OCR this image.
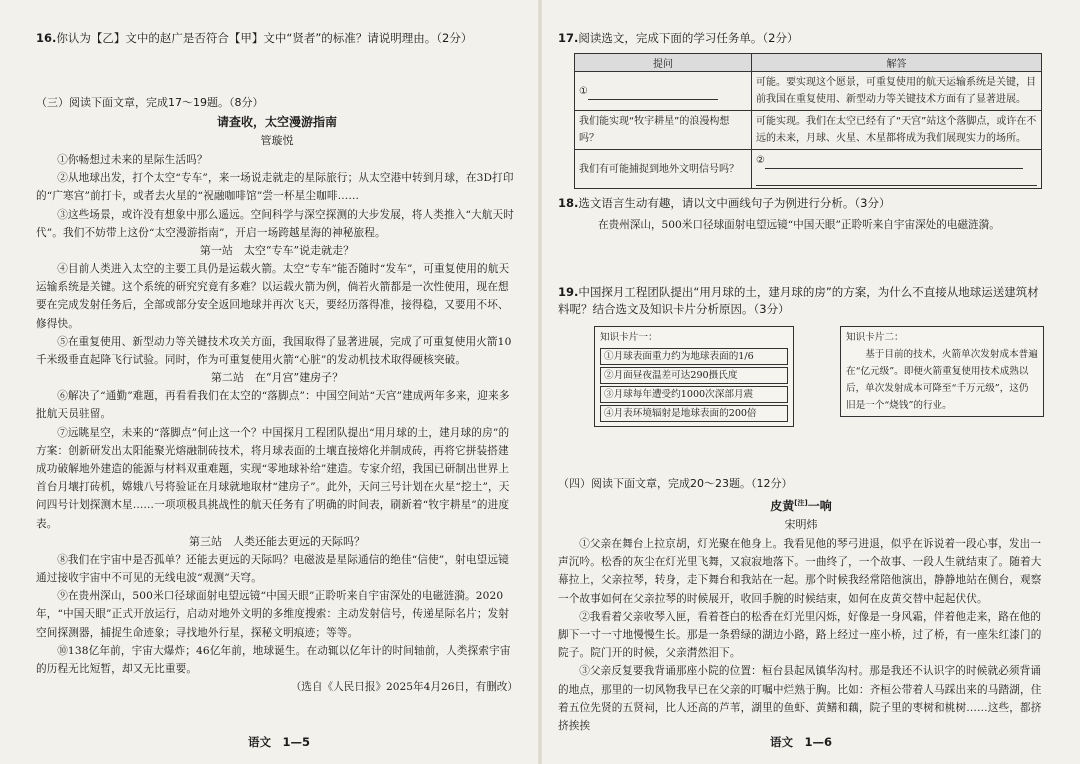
16.你认为【乙】文中的赵广是否符合【甲】文中“贤者”的标准？请说明理由。（2分）

（三）阅读下面文章，完成17～19题。（8分）

请查收，太空漫游指南

管璇悦

①你畅想过未来的星际生活吗？

②从地球出发，打个太空“专车”，来一场说走就走的星际旅行；从太空港中转到月球，在3D打印的“广寒宫”前打卡，或者去火星的“祝融咖啡馆”尝一杯星尘咖啡……

③这些场景，或许没有想象中那么遥远。空间科学与深空探测的大步发展，将人类推入“大航天时代”。我们不妨带上这份“太空漫游指南”，开启一场跨越星海的神秘旅程。

第一站　太空“专车”说走就走？

④目前人类进入太空的主要工具仍是运载火箭。太空“专车”能否随时“发车”，可重复使用的航天运输系统是关键。这个系统的研究究竟有多难？以运载火箭为例，倘若火箭都是一次性使用，现在想要在完成发射任务后，全部或部分安全返回地球并再次飞天，要经历落得准，接得稳，又要用不坏、修得快。

⑤在重复使用、新型动力等关键技术攻关方面，我国取得了显著进展，完成了可重复使用火箭10千米级垂直起降飞行试验。同时，作为可重复使用火箭“心脏”的发动机技术取得硬核突破。

第二站　在“月宫”建房子？

⑥解决了“通勤”难题，再看看我们在太空的“落脚点”：中国空间站“天宫”建成两年多来，迎来多批航天员驻留。

⑦远眺星空，未来的“落脚点”何止这一个？中国探月工程团队提出“用月球的土，建月球的房”的方案：创新研发出太阳能聚光熔融制砖技术，将月球表面的土壤直接熔化并制成砖，再将它拼装搭建成功破解地外建造的能源与材料双重难题，实现“零地球补给”建造。专家介绍，我国已研制出世界上首台月壤打砖机，嫦娥八号将验证在月球就地取材“建房子”。此外，天问三号计划在火星“挖土”，天问四号计划探测木星……一项项极具挑战性的航天任务有了明确的时间表，刷新着“牧宇耕星”的进度表。

第三站　人类还能去更远的天际吗？

⑧我们在宇宙中是否孤单？还能去更远的天际吗？电磁波是星际通信的绝佳“信使”，射电望远镜通过接收宇宙中不可见的无线电波“观测”天穹。

⑨在贵州深山，500米口径球面射电望远镜“中国天眼”正聆听来自宇宙深处的电磁涟漪。2020年，“中国天眼”正式开放运行，启动对地外文明的多维度搜索：主动发射信号，传递星际名片；发射空间探测器，捕捉生命迹象；寻找地外行星，探秘文明痕迹；等等。

⑩138亿年前，宇宙大爆炸；46亿年前，地球诞生。在动辄以亿年计的时间轴前，人类探索宇宙的历程无比短暂，却又无比重要。

（选自《人民日报》2025年4月26日，有删改）

语文　1—5

17.阅读选文，完成下面的学习任务单。（2分）

提问	解答
①	可能。要实现这个愿景，可重复使用的航天运输系统是关键，目前我国在重复使用、新型动力等关键技术方面有了显著进展。
我们能实现“牧宇耕星”的浪漫构想吗？	可能实现。我们在太空已经有了“天宫”站这个落脚点，或许在不远的未来，月球、火星、木星都将成为我们展现实力的场所。
我们有可能捕捉到地外文明信号吗？	②

18.选文语言生动有趣，请以文中画线句子为例进行分析。（3分）

在贵州深山，500米口径球面射电望远镜“中国天眼”正聆听来自宇宙深处的电磁涟漪。

19.中国探月工程团队提出“用月球的土，建月球的房”的方案，为什么不直接从地球运送建筑材料呢？结合选文及知识卡片分析原因。（3分）

知识卡片一：

①月球表面重力约为地球表面的1/6
②月面昼夜温差可达290摄氏度
③月球每年遭受约1000次深部月震
④月表环境辐射是地球表面的200倍

知识卡片二：

基于目前的技术，火箭单次发射成本普遍在“亿元级”。即便火箭重复使用技术成熟以后，单次发射成本可降至“千万元级”，这仍旧是一个“烧钱”的行业。

（四）阅读下面文章，完成20～23题。（12分）

皮黄[注]一响

宋明炜

①父亲在舞台上拉京胡，灯光聚在他身上。我看见他的琴弓进退，似乎在诉说着一段心事，发出一声沉吟。松香的灰尘在灯光里飞舞，又寂寂地落下。一曲终了，一个故事、一段人生就结束了。随着大幕拉上，父亲拉琴，转身，走下舞台和我站在一起。那个时候我经常陪他演出，静静地站在侧台，观察一个故事如何在父亲拉琴的时候展开，收回手腕的时候结束，如何在皮黄交替中起起伏伏。

②我看着父亲收琴入匣，看着苍白的松香在灯光里闪烁，好像是一身风霜，伴着他走来，路在他的脚下一寸一寸地慢慢生长。那是一条碧绿的湖边小路，路上经过一座小桥，过了桥，有一座朱红漆门的院子。院门开的时候，父亲潸然泪下。

③父亲反复要我背诵那座小院的位置：桓台县起凤镇华沟村。那是我还不认识字的时候就必须背诵的地点，那里的一切风物我早已在父亲的叮嘱中烂熟于胸。比如：齐桓公带着人马踩出来的马踏湖，住着五位先贤的五贤祠，比人还高的芦苇，湖里的鱼虾、黄鳝和藕，院子里的枣树和桃树……这些，都挤挤挨挨

语文　1—6
